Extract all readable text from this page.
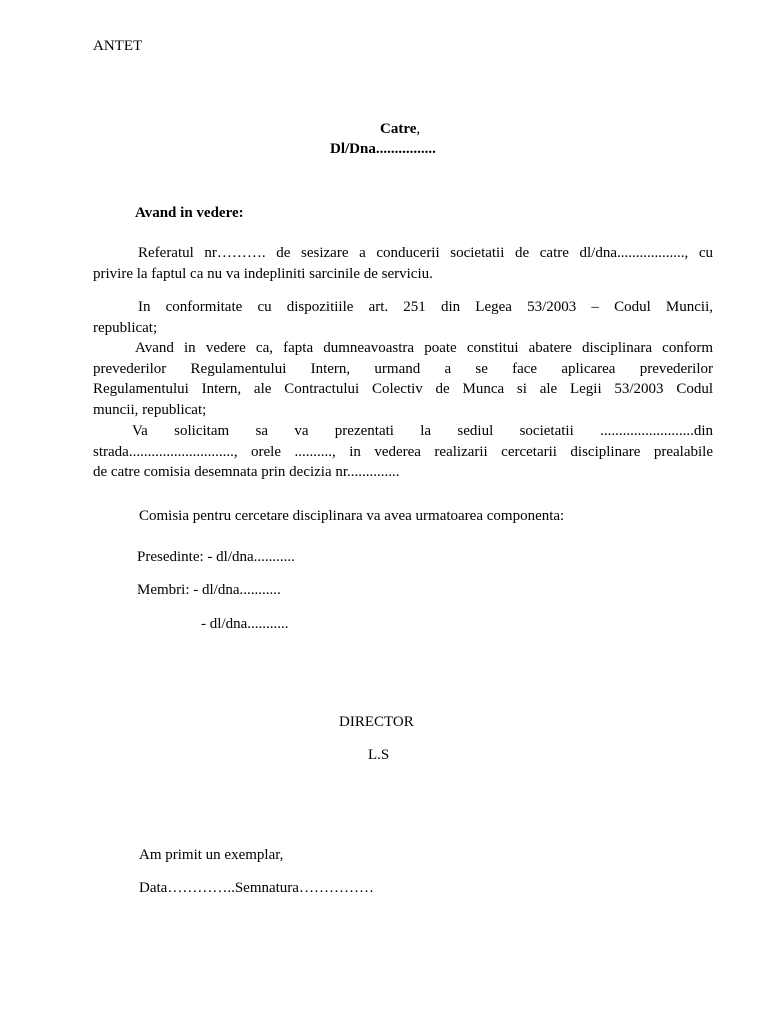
ANTET
Catre,
Dl/Dna................
Avand in vedere:
Referatul nr………. de sesizare a conducerii societatii de catre dl/dna.................., cu
privire la faptul ca nu va indepliniti sarcinile de serviciu.
In conformitate cu dispozitiile art. 251 din Legea 53/2003 – Codul Muncii,
republicat;
Avand in vedere ca, fapta dumneavoastra poate constitui abatere disciplinara conform
prevederilor Regulamentului Intern, urmand a se face aplicarea prevederilor
Regulamentului Intern, ale Contractului Colectiv de Munca si ale Legii 53/2003 Codul
muncii, republicat;
Va solicitam sa va prezentati la sediul societatii .........................din
strada............................, orele .........., in vederea realizarii cercetarii disciplinare prealabile
de catre comisia desemnata prin decizia nr..............
Comisia pentru cercetare disciplinara va avea urmatoarea componenta:
Presedinte: - dl/dna...........
Membri: - dl/dna...........
- dl/dna...........
DIRECTOR
L.S
Am primit un exemplar,
Data…………..Semnatura……………
